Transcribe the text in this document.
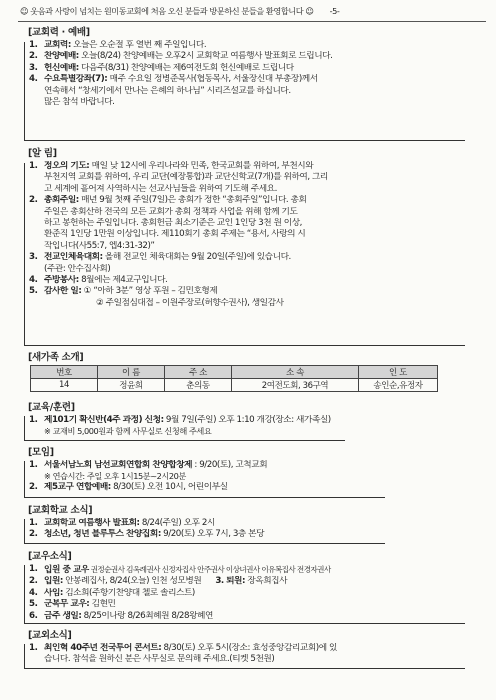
☺ 웃음과 사랑이 넘치는 원미동교회에 처음 오신 분들과 방문하신 분들을 환영합니다 ☺ -5-
[교회력 · 예배]
1. 교회력: 오늘은 오순절 후 열번 째 주일입니다.
2. 찬양예배: 오늘(8/24) 찬양예배는 오후2시 교회학교 여름행사 발표회로 드립니다.
3. 헌신예배: 다음주(8/31) 찬양예배는 제6여전도회 헌신예배로 드립니다
4. 수요특별강좌(7): 매주 수요일 정병준목사(협동목사, 서울장신대 부총장)께서
연속해서 “창세기에서 만나는 은혜의 하나님” 시리즈설교를 하십니다.
많은 참석 바랍니다.
[알 림]
1. 정오의 기도: 매일 낮 12시에 우리나라와 민족, 한국교회를 위하여, 부천시와
부천지역 교회를 위하여, 우리 교단(예장통합)과 교단신학교(7개)를 위하여, 그리
고 세계에 흩어져 사역하시는 선교사님들을 위하여 기도해 주세요.
2. 총회주일: 매년 9월 첫째 주일(7일)은 총회가 정한 “총회주일”입니다. 총회
주일은 총회산하 전국의 모든 교회가 총회 정책과 사업을 위해 함께 기도
하고 봉헌하는 주일입니다. 총회헌금 최소기준은 교인 1인당 3천 원 이상,
환준직 1인당 1만원 이상입니다. 제110회기 총회 주제는 “용서, 사랑의 시
작입니다(사55:7, 엡4:31-32)”
3. 전교인체육대회: 올해 전교인 체육대회는 9월 20일(주일)에 있습니다.
(주관: 안수집사회)
4. 주방봉사: 8월에는 제4교구입니다.
5. 감사한 일: ① “아하 3분” 영상 후원 – 김민호형제
② 주일점심대접 – 이원주장로(허향수권사), 생일감사
[새가족 소개]
번호	이 름	주 소	소 속	인 도
14	정윤희	춘의동	2여전도회, 36구역	송인순,유정자
[교육/훈련]
1. 제101기 확신반(4주 과정) 신청: 9월 7일(주일) 오후 1:10 개강(장소: 새가족실)
※ 교재비 5,000원과 함께 사무실로 신청해 주세요
[모임]
1. 서울서남노회 남선교회연합회 찬양합창제 : 9/20(토), 고척교회
※ 연습시간: 주일 오후 1시15분~2시20분
2. 제5교구 연합예배: 8/30(토) 오전 10시, 어린이부실
[교회학교 소식]
1. 교회학교 여름행사 발표회: 8/24(주일) 오후 2시
2. 청소년, 청년 블루투스 찬양집회: 9/20(토) 오후 7시, 3층 본당
[교우소식]
1. 입원 중 교우 권정순권사 김옥례권사 신정자집사 안주권사 이상녀권사 이유복집사 전경자권사
2. 입원: 안봉례집사, 8/24(오늘) 인천 성모병원 3. 퇴원: 장옥희집사
4. 사임: 김소희(주항기찬양대 첼로 솔리스트)
5. 군복무 교우: 김현민
6. 금주 생일: 8/25이나랑 8/26최혜원 8/28왕혜연
[교외소식]
1. 최인혁 40주년 전국투어 콘서트: 8/30(토) 오후 5시(장소: 효성중앙감리교회)에 있
습니다. 참석을 원하신 분은 사무실로 문의해 주세요.(티켓 5천원)
